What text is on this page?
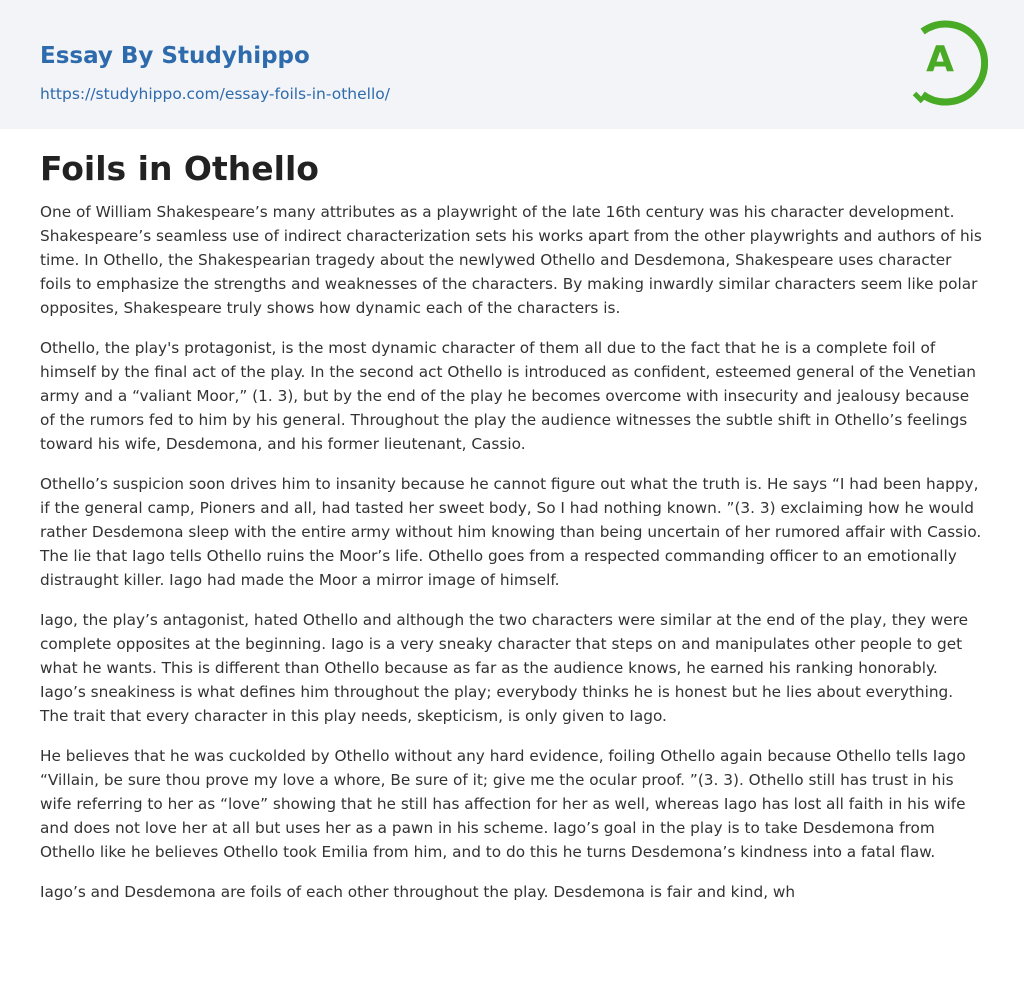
Essay By Studyhippo
https://studyhippo.com/essay-foils-in-othello/
A
Foils in Othello

One of William Shakespeare’s many attributes as a playwright of the late 16th century was his character development. Shakespeare’s seamless use of indirect characterization sets his works apart from the other playwrights and authors of his time. In Othello, the Shakespearian tragedy about the newlywed Othello and Desdemona, Shakespeare uses character foils to emphasize the strengths and weaknesses of the characters. By making inwardly similar characters seem like polar opposites, Shakespeare truly shows how dynamic each of the characters is.

Othello, the play's protagonist, is the most dynamic character of them all due to the fact that he is a complete foil of himself by the final act of the play. In the second act Othello is introduced as confident, esteemed general of the Venetian army and a “valiant Moor,” (1. 3), but by the end of the play he becomes overcome with insecurity and jealousy because of the rumors fed to him by his general. Throughout the play the audience witnesses the subtle shift in Othello’s feelings toward his wife, Desdemona, and his former lieutenant, Cassio.

Othello’s suspicion soon drives him to insanity because he cannot figure out what the truth is. He says “I had been happy, if the general camp, Pioners and all, had tasted her sweet body, So I had nothing known. ”(3. 3) exclaiming how he would rather Desdemona sleep with the entire army without him knowing than being uncertain of her rumored affair with Cassio. The lie that Iago tells Othello ruins the Moor’s life. Othello goes from a respected commanding officer to an emotionally distraught killer. Iago had made the Moor a mirror image of himself.

Iago, the play’s antagonist, hated Othello and although the two characters were similar at the end of the play, they were complete opposites at the beginning. Iago is a very sneaky character that steps on and manipulates other people to get what he wants. This is different than Othello because as far as the audience knows, he earned his ranking honorably. Iago’s sneakiness is what defines him throughout the play; everybody thinks he is honest but he lies about everything. The trait that every character in this play needs, skepticism, is only given to Iago.

He believes that he was cuckolded by Othello without any hard evidence, foiling Othello again because Othello tells Iago “Villain, be sure thou prove my love a whore, Be sure of it; give me the ocular proof. ”(3. 3). Othello still has trust in his wife referring to her as “love” showing that he still has affection for her as well, whereas Iago has lost all faith in his wife and does not love her at all but uses her as a pawn in his scheme. Iago’s goal in the play is to take Desdemona from Othello like he believes Othello took Emilia from him, and to do this he turns Desdemona’s kindness into a fatal flaw.

Iago’s and Desdemona are foils of each other throughout the play. Desdemona is fair and kind, wh
